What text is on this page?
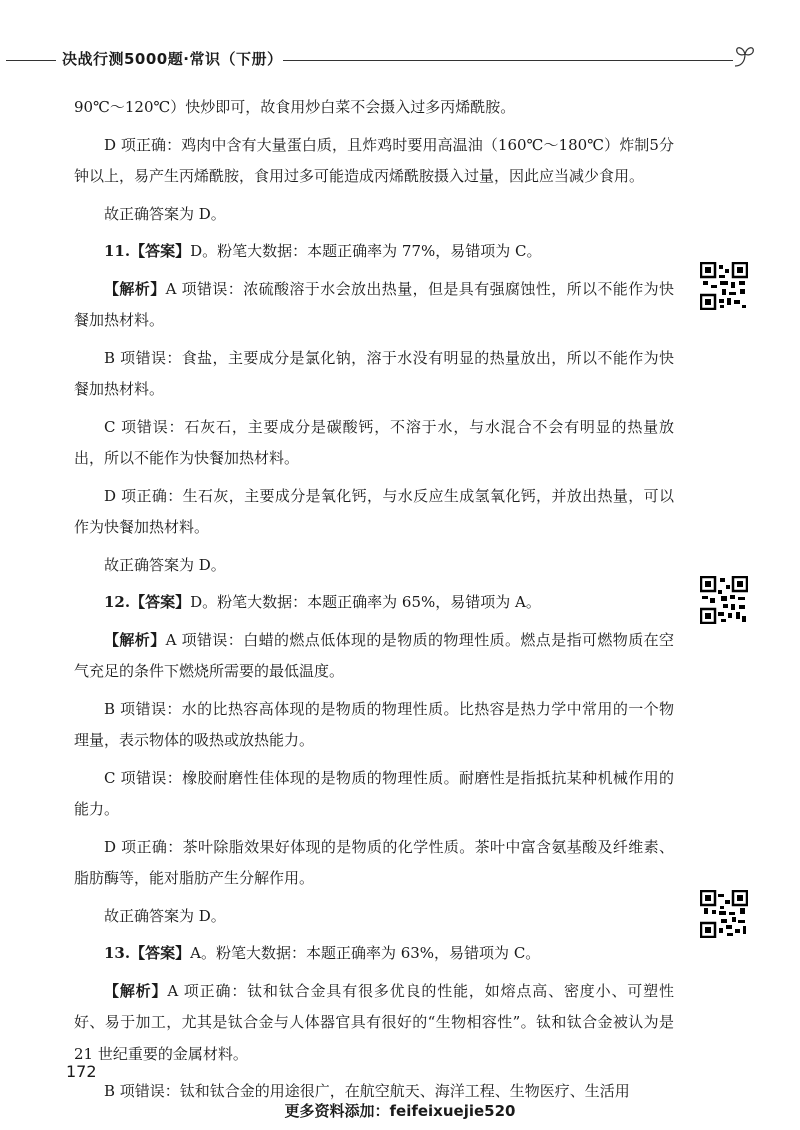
决战行测5000题·常识（下册）

90℃～120℃）快炒即可，故食用炒白菜不会摄入过多丙烯酰胺。

D 项正确：鸡肉中含有大量蛋白质，且炸鸡时要用高温油（160℃～180℃）炸制5分钟以上，易产生丙烯酰胺，食用过多可能造成丙烯酰胺摄入过量，因此应当减少食用。

故正确答案为 D。

11.【答案】D。粉笔大数据：本题正确率为 77%，易错项为 C。

【解析】A 项错误：浓硫酸溶于水会放出热量，但是具有强腐蚀性，所以不能作为快餐加热材料。

B 项错误：食盐，主要成分是氯化钠，溶于水没有明显的热量放出，所以不能作为快餐加热材料。

C 项错误：石灰石，主要成分是碳酸钙，不溶于水，与水混合不会有明显的热量放出，所以不能作为快餐加热材料。

D 项正确：生石灰，主要成分是氧化钙，与水反应生成氢氧化钙，并放出热量，可以作为快餐加热材料。

故正确答案为 D。

12.【答案】D。粉笔大数据：本题正确率为 65%，易错项为 A。

【解析】A 项错误：白蜡的燃点低体现的是物质的物理性质。燃点是指可燃物质在空气充足的条件下燃烧所需要的最低温度。

B 项错误：水的比热容高体现的是物质的物理性质。比热容是热力学中常用的一个物理量，表示物体的吸热或放热能力。

C 项错误：橡胶耐磨性佳体现的是物质的物理性质。耐磨性是指抵抗某种机械作用的能力。

D 项正确：茶叶除脂效果好体现的是物质的化学性质。茶叶中富含氨基酸及纤维素、脂肪酶等，能对脂肪产生分解作用。

故正确答案为 D。

13.【答案】A。粉笔大数据：本题正确率为 63%，易错项为 C。

【解析】A 项正确：钛和钛合金具有很多优良的性能，如熔点高、密度小、可塑性好、易于加工，尤其是钛合金与人体器官具有很好的“生物相容性”。钛和钛合金被认为是 21 世纪重要的金属材料。

B 项错误：钛和钛合金的用途很广，在航空航天、海洋工程、生物医疗、生活用

172
更多资料添加：feifeixuejie520
